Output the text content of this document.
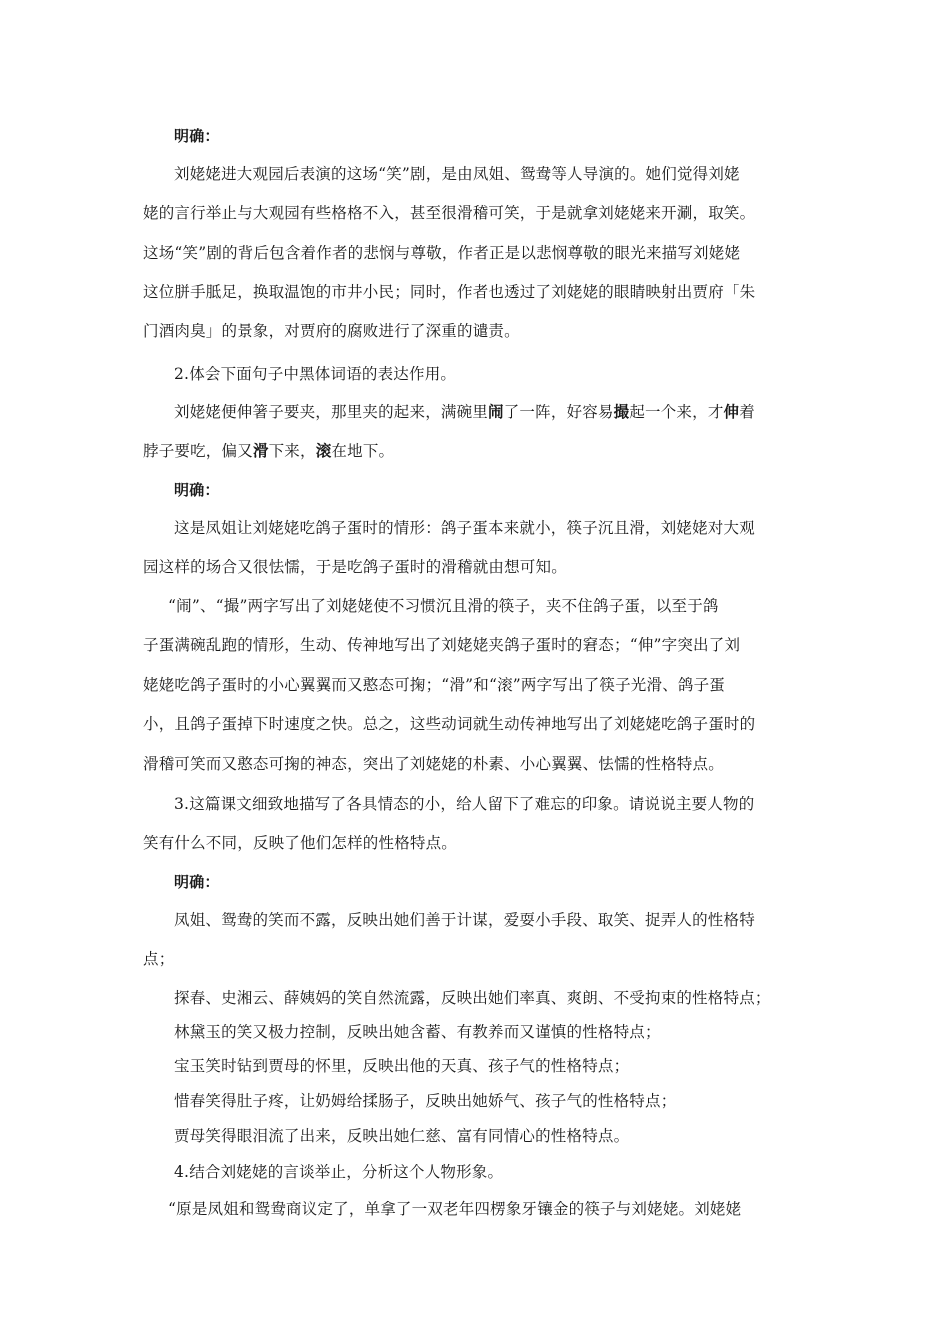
明确：
刘姥姥进大观园后表演的这场“笑”剧，是由凤姐、鸳鸯等人导演的。她们觉得刘姥
姥的言行举止与大观园有些格格不入，甚至很滑稽可笑，于是就拿刘姥姥来开涮，取笑。
这场“笑”剧的背后包含着作者的悲悯与尊敬，作者正是以悲悯尊敬的眼光来描写刘姥姥
这位胼手胝足，换取温饱的市井小民；同时，作者也透过了刘姥姥的眼睛映射出贾府「朱
门酒肉臭」的景象，对贾府的腐败进行了深重的谴责。
2.体会下面句子中黑体词语的表达作用。
刘姥姥便伸箸子要夹，那里夹的起来，满碗里闹了一阵，好容易撮起一个来，才伸着
脖子要吃，偏又滑下来，滚在地下。
明确：
这是凤姐让刘姥姥吃鸽子蛋时的情形：鸽子蛋本来就小，筷子沉且滑，刘姥姥对大观
园这样的场合又很怯懦，于是吃鸽子蛋时的滑稽就由想可知。
“闹”、“撮”两字写出了刘姥姥使不习惯沉且滑的筷子，夹不住鸽子蛋，以至于鸽
子蛋满碗乱跑的情形，生动、传神地写出了刘姥姥夹鸽子蛋时的窘态；“伸”字突出了刘
姥姥吃鸽子蛋时的小心翼翼而又憨态可掬；“滑”和“滚”两字写出了筷子光滑、鸽子蛋
小，且鸽子蛋掉下时速度之快。总之，这些动词就生动传神地写出了刘姥姥吃鸽子蛋时的
滑稽可笑而又憨态可掬的神态，突出了刘姥姥的朴素、小心翼翼、怯懦的性格特点。
3.这篇课文细致地描写了各具情态的小，给人留下了难忘的印象。请说说主要人物的
笑有什么不同，反映了他们怎样的性格特点。
明确：
凤姐、鸳鸯的笑而不露，反映出她们善于计谋，爱耍小手段、取笑、捉弄人的性格特
点；
探春、史湘云、薛姨妈的笑自然流露，反映出她们率真、爽朗、不受拘束的性格特点；
林黛玉的笑又极力控制，反映出她含蓄、有教养而又谨慎的性格特点；
宝玉笑时钻到贾母的怀里，反映出他的天真、孩子气的性格特点；
惜春笑得肚子疼，让奶姆给揉肠子，反映出她娇气、孩子气的性格特点；
贾母笑得眼泪流了出来，反映出她仁慈、富有同情心的性格特点。
4.结合刘姥姥的言谈举止，分析这个人物形象。
“原是凤姐和鸳鸯商议定了，单拿了一双老年四楞象牙镶金的筷子与刘姥姥。刘姥姥
